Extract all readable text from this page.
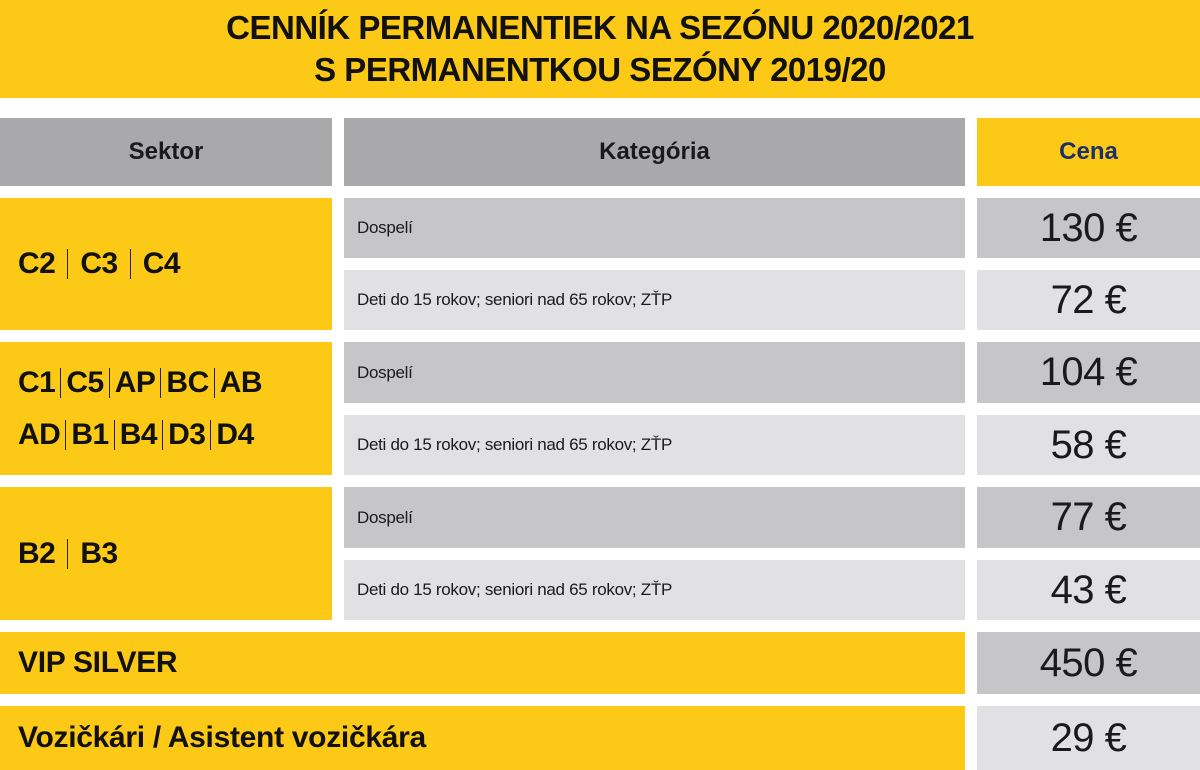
CENNÍK PERMANENTIEK NA SEZÓNU 2020/2021
S PERMANENTKOU SEZÓNY 2019/20
Sektor	Kategória	Cena
C2 C3 C4
Dospelí	130 €
Deti do 15 rokov; seniori nad 65 rokov; ZŤP	72 €
C1 C5 AP BC AB
AD B1 B4 D3 D4
Dospelí	104 €
Deti do 15 rokov; seniori nad 65 rokov; ZŤP	58 €
B2 B3
Dospelí	77 €
Deti do 15 rokov; seniori nad 65 rokov; ZŤP	43 €
VIP SILVER	450 €
Vozičkári / Asistent vozičkára	29 €
